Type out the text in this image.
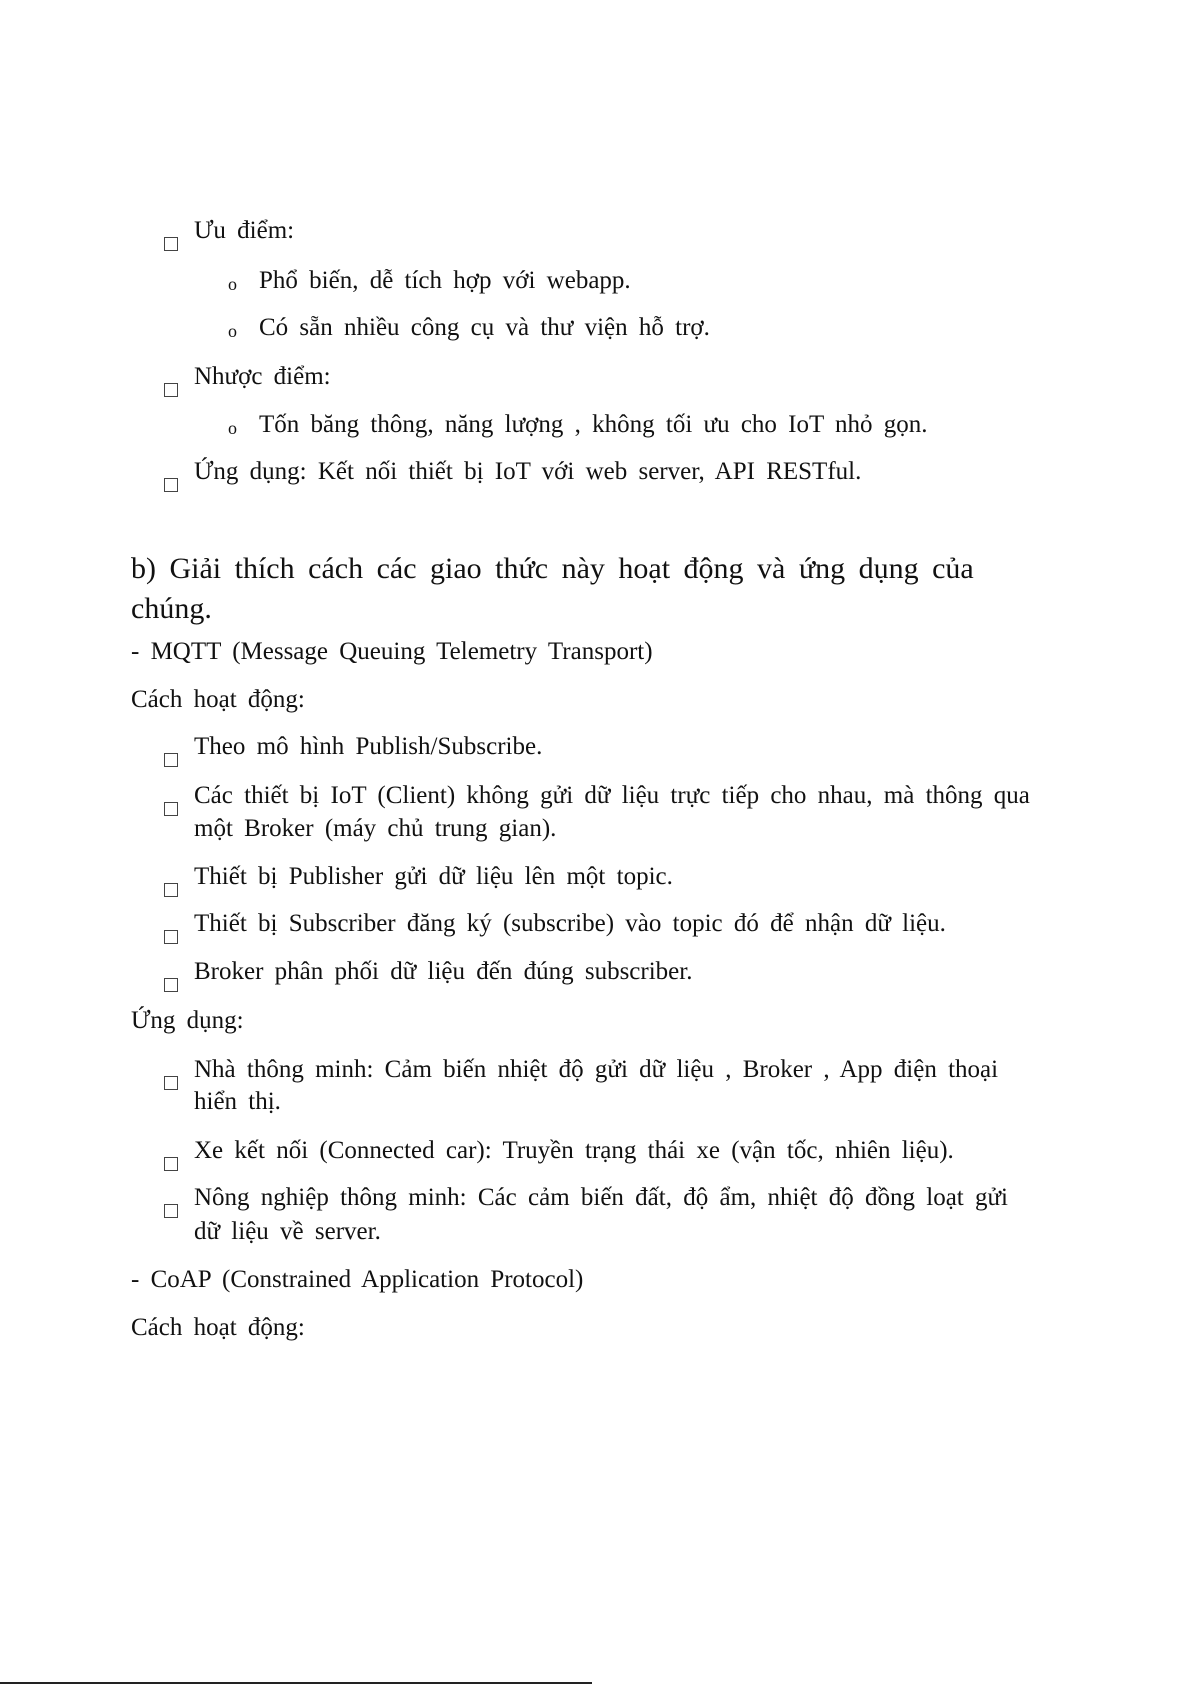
Ưu điểm:
o Phổ biến, dễ tích hợp với webapp.
o Có sẵn nhiều công cụ và thư viện hỗ trợ.
Nhược điểm:
o Tốn băng thông, năng lượng , không tối ưu cho IoT nhỏ gọn.
Ứng dụng: Kết nối thiết bị IoT với web server, API RESTful.
b) Giải thích cách các giao thức này hoạt động và ứng dụng của
chúng.
- MQTT (Message Queuing Telemetry Transport)
Cách hoạt động:
Theo mô hình Publish/Subscribe.
Các thiết bị IoT (Client) không gửi dữ liệu trực tiếp cho nhau, mà thông qua
một Broker (máy chủ trung gian).
Thiết bị Publisher gửi dữ liệu lên một topic.
Thiết bị Subscriber đăng ký (subscribe) vào topic đó để nhận dữ liệu.
Broker phân phối dữ liệu đến đúng subscriber.
Ứng dụng:
Nhà thông minh: Cảm biến nhiệt độ gửi dữ liệu , Broker , App điện thoại
hiển thị.
Xe kết nối (Connected car): Truyền trạng thái xe (vận tốc, nhiên liệu).
Nông nghiệp thông minh: Các cảm biến đất, độ ẩm, nhiệt độ đồng loạt gửi
dữ liệu về server.
- CoAP (Constrained Application Protocol)
Cách hoạt động:
